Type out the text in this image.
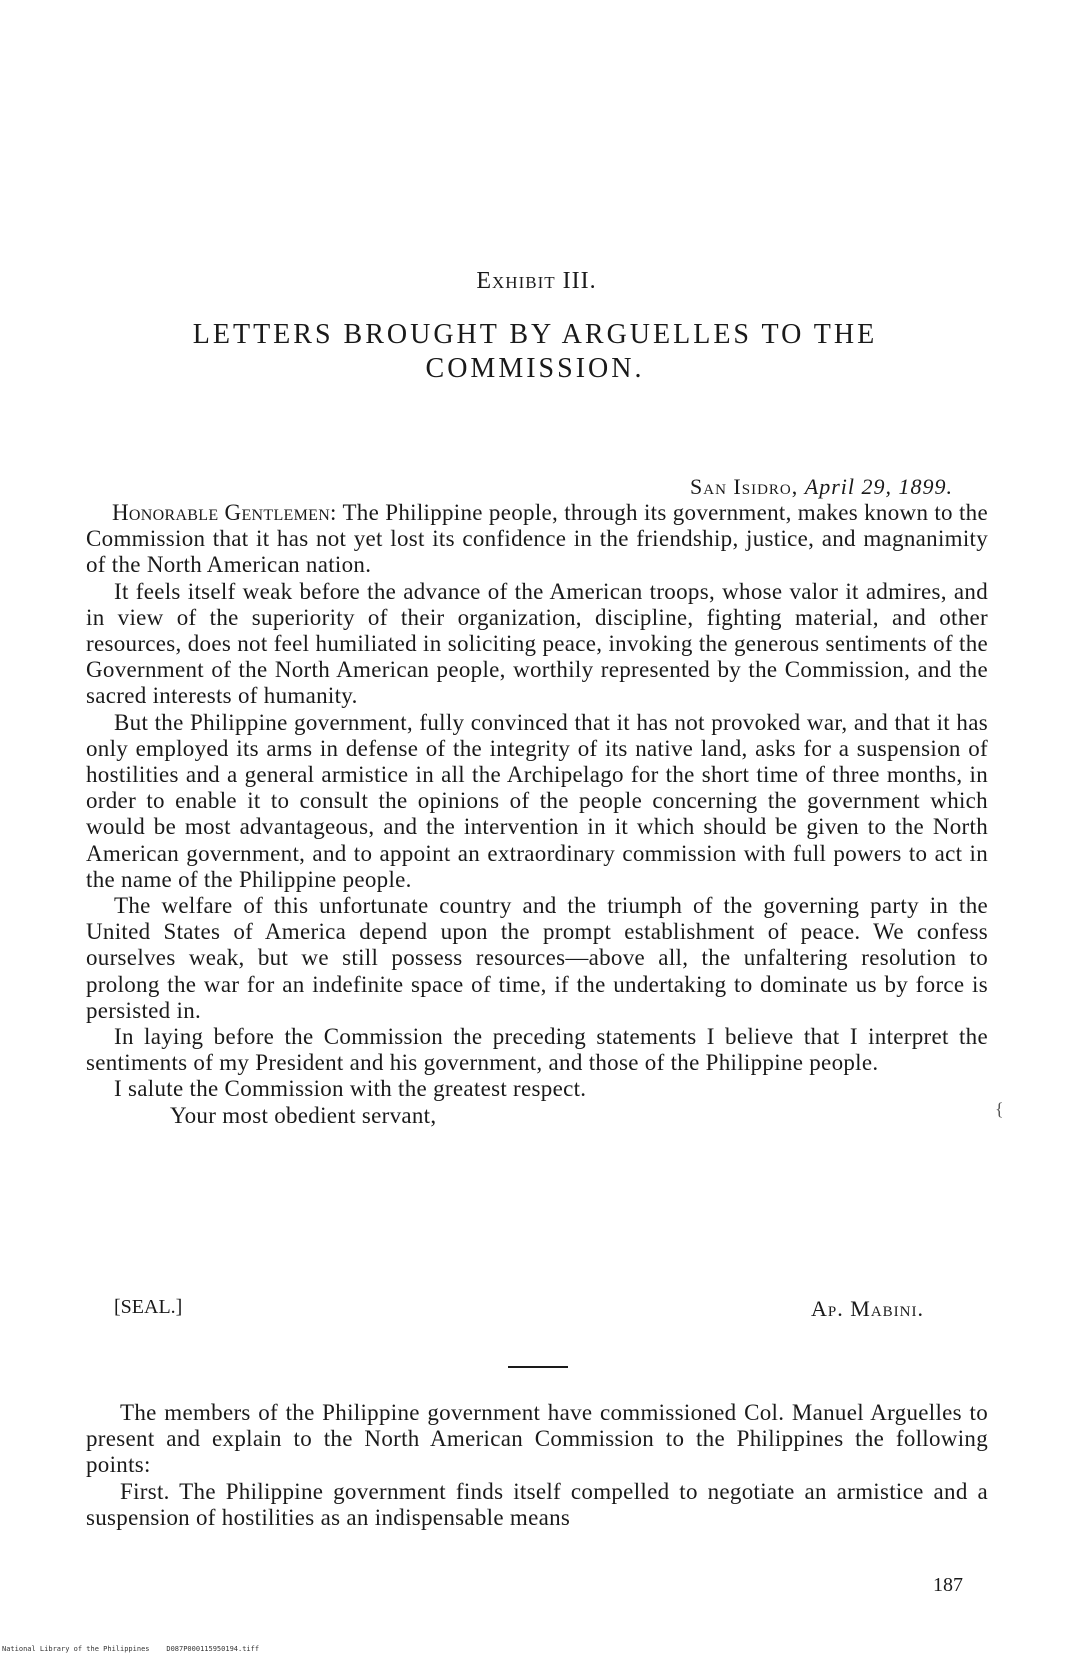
Exhibit III.
LETTERS BROUGHT BY ARGUELLES TO THE
COMMISSION.
San Isidro, April 29, 1899.

Honorable Gentlemen: The Philippine people, through its government, makes known to the Commission that it has not yet lost its confidence in the friendship, justice, and magnanimity of the North American nation.

It feels itself weak before the advance of the American troops, whose valor it admires, and in view of the superiority of their organization, discipline, fighting material, and other resources, does not feel humiliated in soliciting peace, invoking the generous sentiments of the Government of the North American people, worthily represented by the Commission, and the sacred interests of humanity.

But the Philippine government, fully convinced that it has not provoked war, and that it has only employed its arms in defense of the integrity of its native land, asks for a suspension of hostilities and a general armistice in all the Archipelago for the short time of three months, in order to enable it to consult the opinions of the people concerning the government which would be most advantageous, and the intervention in it which should be given to the North American government, and to appoint an extraordinary commission with full powers to act in the name of the Philippine people.

The welfare of this unfortunate country and the triumph of the governing party in the United States of America depend upon the prompt establishment of peace. We confess ourselves weak, but we still possess resources—above all, the unfaltering resolution to prolong the war for an indefinite space of time, if the undertaking to dominate us by force is persisted in.

In laying before the Commission the preceding statements I believe that I interpret the sentiments of my President and his government, and those of the Philippine people.

I salute the Commission with the greatest respect.

Your most obedient servant,	{
[SEAL.]	Ap. Mabini.

The members of the Philippine government have commissioned Col. Manuel Arguelles to present and explain to the North American Commission to the Philippines the following points:

First. The Philippine government finds itself compelled to negotiate an armistice and a suspension of hostilities as an indispensable means

187
National Library of the Philippines    D087P000115950194.tiff
